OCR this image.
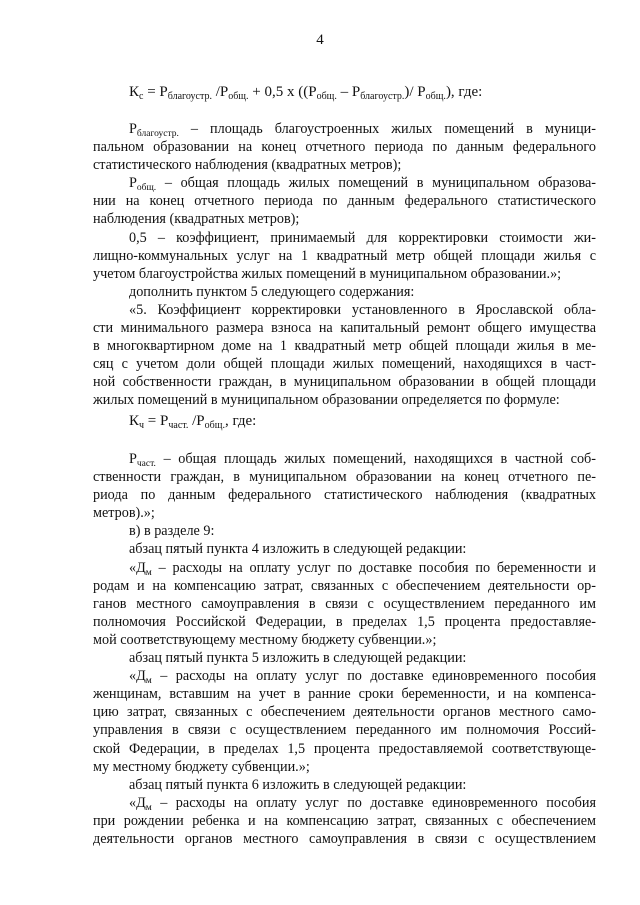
4
$К_с = Р_{благоустр.}$ $/Р_{общ.} + 0,5$ х ($(Р_{общ.} - Р_{благоустр.})/$ $Р_{общ.}$), где:

$Р_{благоустр.}$ – площадь благоустроенных жилых помещений в муници-

пальном образовании на конец отчетного периода по данным федерального

статистического наблюдения (квадратных метров);

$Р_{общ.}$ – общая площадь жилых помещений в муниципальном образова-

нии на конец отчетного периода по данным федерального статистического

наблюдения (квадратных метров);

0,5 – коэффициент, принимаемый для корректировки стоимости жи-

лищно-коммунальных услуг на 1 квадратный метр общей площади жилья с

учетом благоустройства жилых помещений в муниципальном образовании.»;

дополнить пунктом 5 следующего содержания:

«5. Коэффициент корректировки установленного в Ярославской обла-

сти минимального размера взноса на капитальный ремонт общего имущества

в многоквартирном доме на 1 квадратный метр общей площади жилья в ме-

сяц с учетом доли общей площади жилых помещений, находящихся в част-

ной собственности граждан, в муниципальном образовании в общей площади

жилых помещений в муниципальном образовании определяется по формуле:

$К_ч = Р_{част.}$ $/Р_{общ.}$, где:

$Р_{част.}$ – общая площадь жилых помещений, находящихся в частной соб-

ственности граждан, в муниципальном образовании на конец отчетного пе-

риода по данным федерального статистического наблюдения (квадратных

метров).»;

в) в разделе 9:

абзац пятый пункта 4 изложить в следующей редакции:

«$Д_м$ – расходы на оплату услуг по доставке пособия по беременности и

родам и на компенсацию затрат, связанных с обеспечением деятельности ор-

ганов местного самоуправления в связи с осуществлением переданного им

полномочия Российской Федерации, в пределах 1,5 процента предоставляе-

мой соответствующему местному бюджету субвенции.»;

абзац пятый пункта 5 изложить в следующей редакции:

«$Д_м$ – расходы на оплату услуг по доставке единовременного пособия

женщинам, вставшим на учет в ранние сроки беременности, и на компенса-

цию затрат, связанных с обеспечением деятельности органов местного само-

управления в связи с осуществлением переданного им полномочия Россий-

ской Федерации, в пределах 1,5 процента предоставляемой соответствующе-

му местному бюджету субвенции.»;

абзац пятый пункта 6 изложить в следующей редакции:

«$Д_м$ – расходы на оплату услуг по доставке единовременного пособия

при рождении ребенка и на компенсацию затрат, связанных с обеспечением

деятельности органов местного самоуправления в связи с осуществлением
